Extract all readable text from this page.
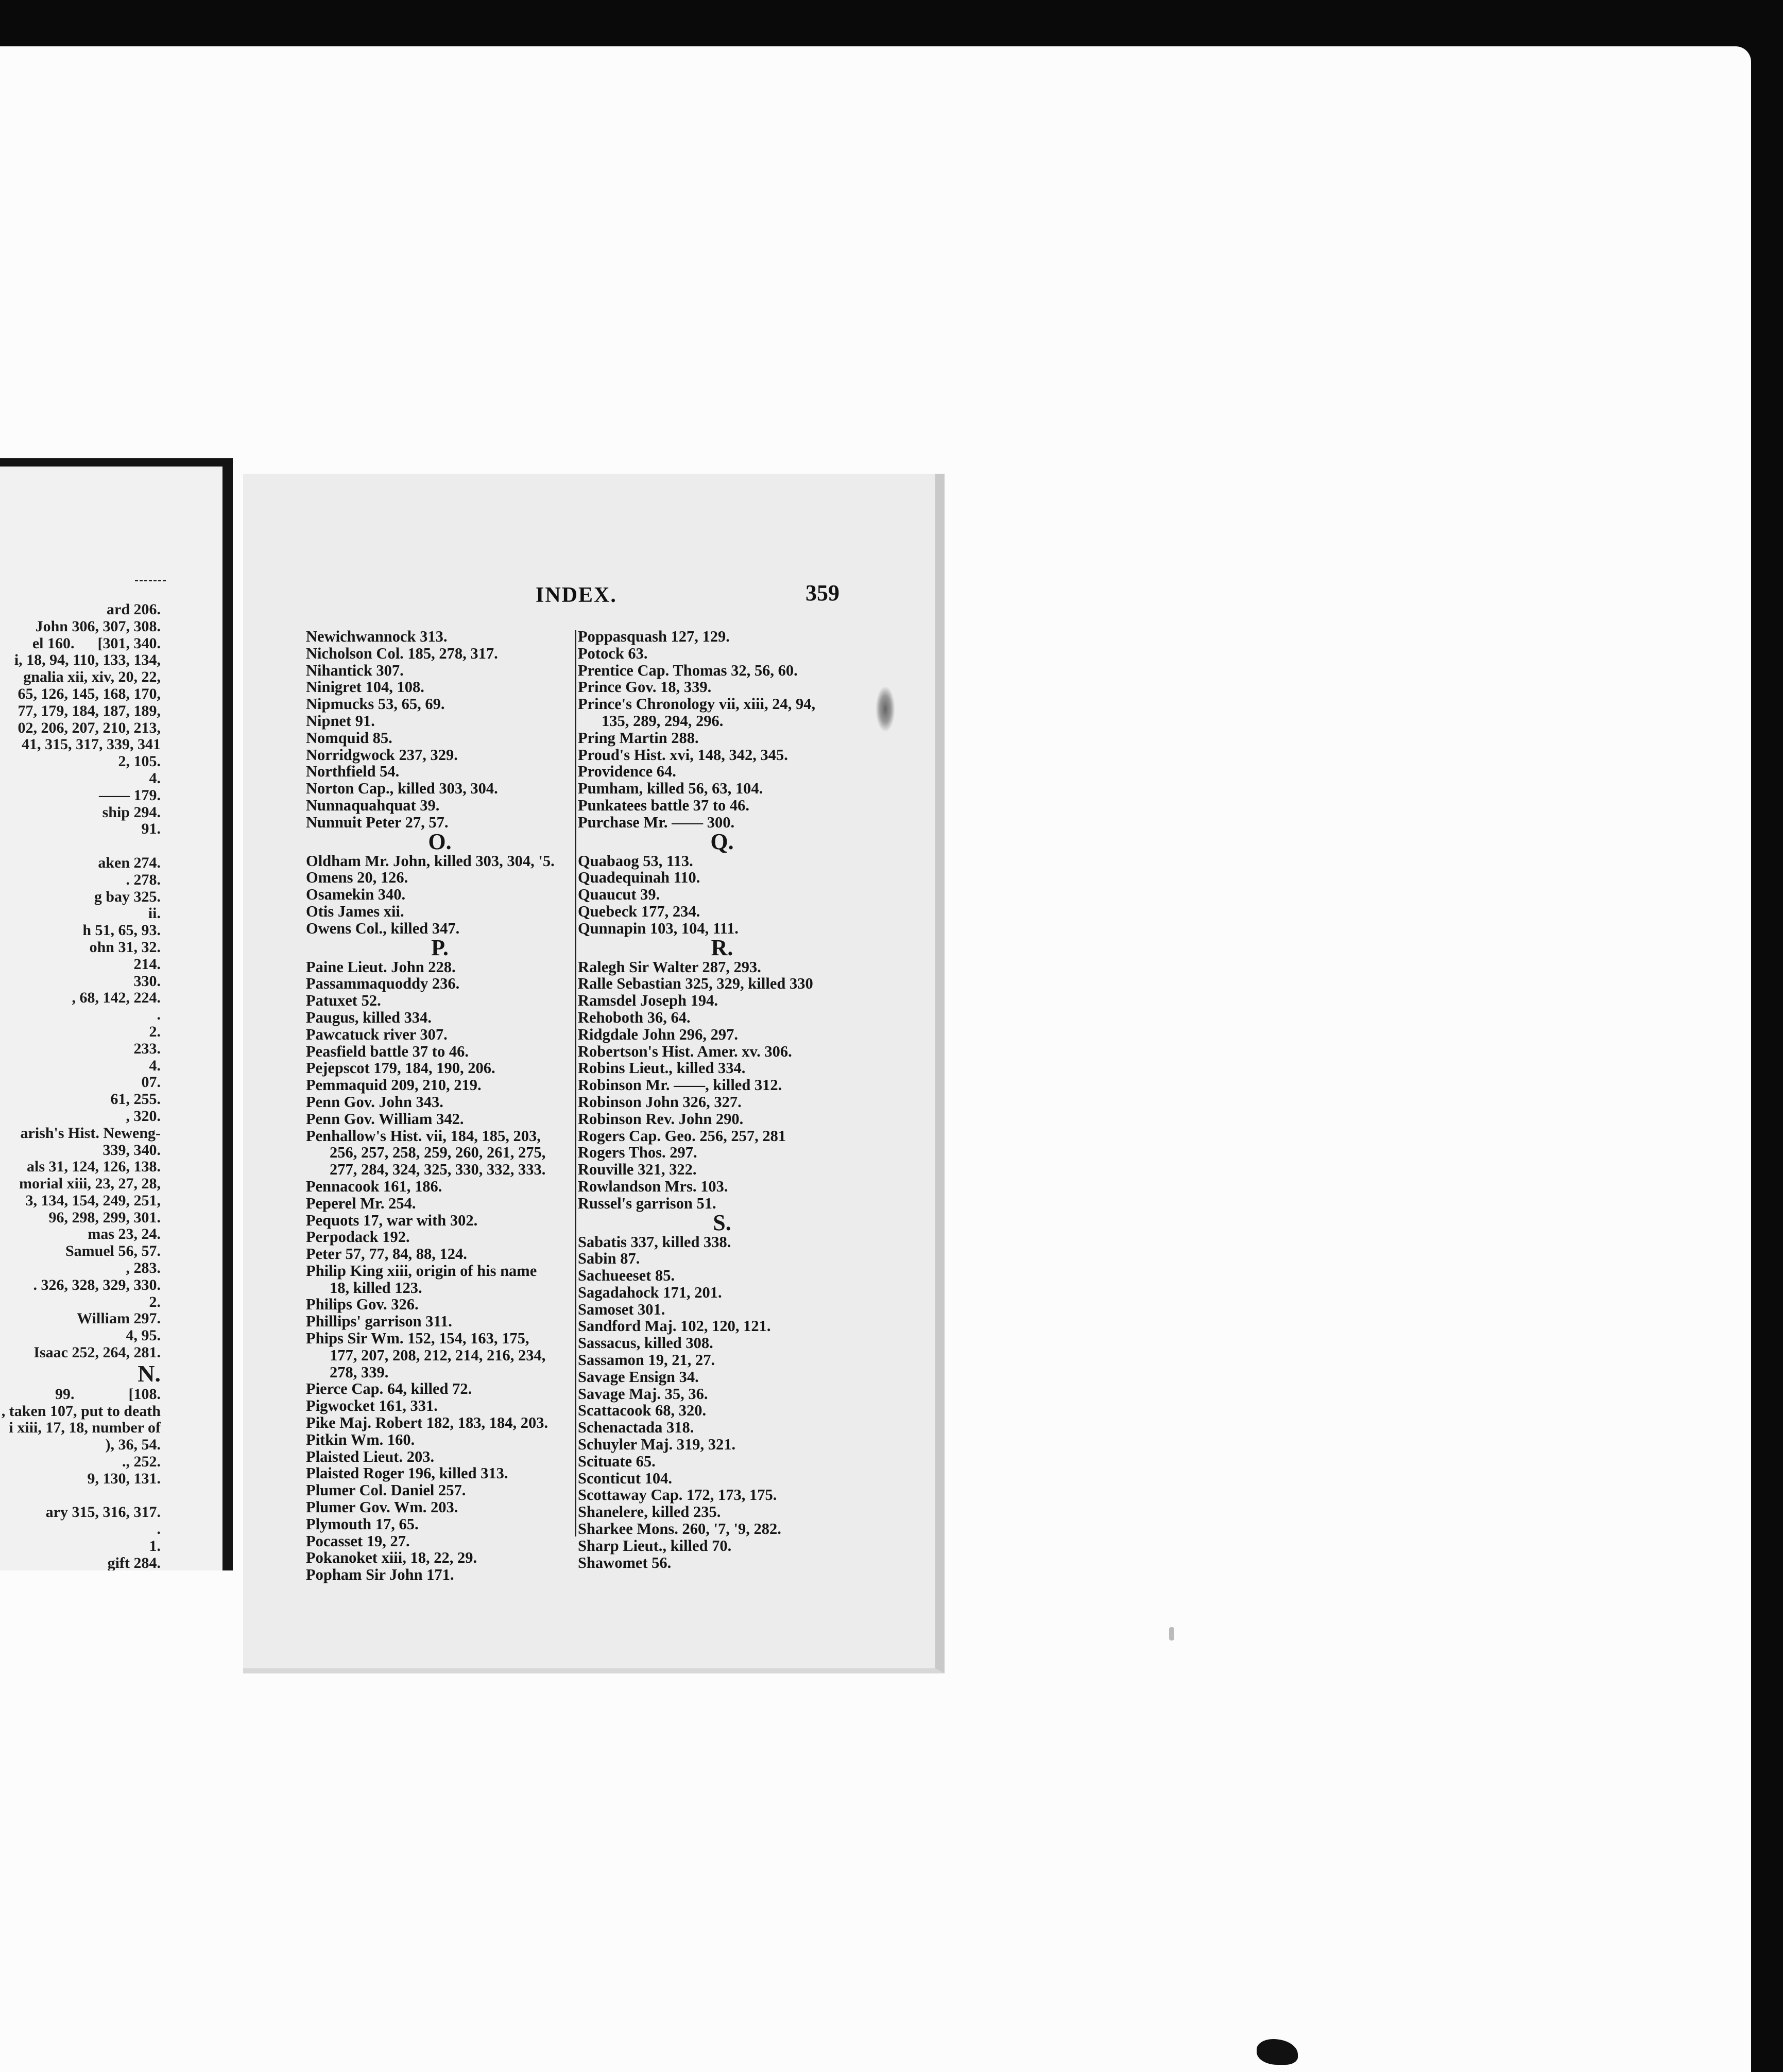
ard 206.
John 306, 307, 308.
el 160.      [301, 340.
i, 18, 94, 110, 133, 134,
gnalia xii, xiv, 20, 22,
65, 126, 145, 168, 170,
77, 179, 184, 187, 189,
02, 206, 207, 210, 213,
41, 315, 317, 339, 341
2, 105.
4.
—— 179.
ship 294.
91.

aken 274.
. 278.
g bay 325.
ii.
h 51, 65, 93.
ohn 31, 32.
214.
330.
, 68, 142, 224.
.
2.
233.
4.
07.
61, 255.
, 320.
arish's Hist. Neweng-
339, 340.
als 31, 124, 126, 138.
morial xiii, 23, 27, 28,
3, 134, 154, 249, 251,
96, 298, 299, 301.
mas 23, 24.
Samuel 56, 57.
, 283.
. 326, 328, 329, 330.
2.
William 297.
4, 95.
Isaac 252, 264, 281.
N.
99.              [108.
, taken 107, put to death
i xiii, 17, 18, number of
), 36, 54.
., 252.
9, 130, 131.

ary 315, 316, 317.
.
1.
gift 284.
INDEX.	359
Newichwannock 313.
Nicholson Col. 185, 278, 317.
Nihantick 307.
Ninigret 104, 108.
Nipmucks 53, 65, 69.
Nipnet 91.
Nomquid 85.
Norridgwock 237, 329.
Northfield 54.
Norton Cap., killed 303, 304.
Nunnaquahquat 39.
Nunnuit Peter 27, 57.
O.
Oldham Mr. John, killed 303, 304, '5.
Omens 20, 126.
Osamekin 340.
Otis James xii.
Owens Col., killed 347.
P.
Paine Lieut. John 228.
Passammaquoddy 236.
Patuxet 52.
Paugus, killed 334.
Pawcatuck river 307.
Peasfield battle 37 to 46.
Pejepscot 179, 184, 190, 206.
Pemmaquid 209, 210, 219.
Penn Gov. John 343.
Penn Gov. William 342.
Penhallow's Hist. vii, 184, 185, 203,
256, 257, 258, 259, 260, 261, 275,
277, 284, 324, 325, 330, 332, 333.
Pennacook 161, 186.
Peperel Mr. 254.
Pequots 17, war with 302.
Perpodack 192.
Peter 57, 77, 84, 88, 124.
Philip King xiii, origin of his name
18, killed 123.
Philips Gov. 326.
Phillips' garrison 311.
Phips Sir Wm. 152, 154, 163, 175,
177, 207, 208, 212, 214, 216, 234,
278, 339.
Pierce Cap. 64, killed 72.
Pigwocket 161, 331.
Pike Maj. Robert 182, 183, 184, 203.
Pitkin Wm. 160.
Plaisted Lieut. 203.
Plaisted Roger 196, killed 313.
Plumer Col. Daniel 257.
Plumer Gov. Wm. 203.
Plymouth 17, 65.
Pocasset 19, 27.
Pokanoket xiii, 18, 22, 29.
Popham Sir John 171.
Poppasquash 127, 129.
Potock 63.
Prentice Cap. Thomas 32, 56, 60.
Prince Gov. 18, 339.
Prince's Chronology vii, xiii, 24, 94,
135, 289, 294, 296.
Pring Martin 288.
Proud's Hist. xvi, 148, 342, 345.
Providence 64.
Pumham, killed 56, 63, 104.
Punkatees battle 37 to 46.
Purchase Mr. —— 300.
Q.
Quabaog 53, 113.
Quadequinah 110.
Quaucut 39.
Quebeck 177, 234.
Qunnapin 103, 104, 111.
R.
Ralegh Sir Walter 287, 293.
Ralle Sebastian 325, 329, killed 330
Ramsdel Joseph 194.
Rehoboth 36, 64.
Ridgdale John 296, 297.
Robertson's Hist. Amer. xv. 306.
Robins Lieut., killed 334.
Robinson Mr. ——, killed 312.
Robinson John 326, 327.
Robinson Rev. John 290.
Rogers Cap. Geo. 256, 257, 281
Rogers Thos. 297.
Rouville 321, 322.
Rowlandson Mrs. 103.
Russel's garrison 51.
S.
Sabatis 337, killed 338.
Sabin 87.
Sachueeset 85.
Sagadahock 171, 201.
Samoset 301.
Sandford Maj. 102, 120, 121.
Sassacus, killed 308.
Sassamon 19, 21, 27.
Savage Ensign 34.
Savage Maj. 35, 36.
Scattacook 68, 320.
Schenactada 318.
Schuyler Maj. 319, 321.
Scituate 65.
Sconticut 104.
Scottaway Cap. 172, 173, 175.
Shanelere, killed 235.
Sharkee Mons. 260, '7, '9, 282.
Sharp Lieut., killed 70.
Shawomet 56.
